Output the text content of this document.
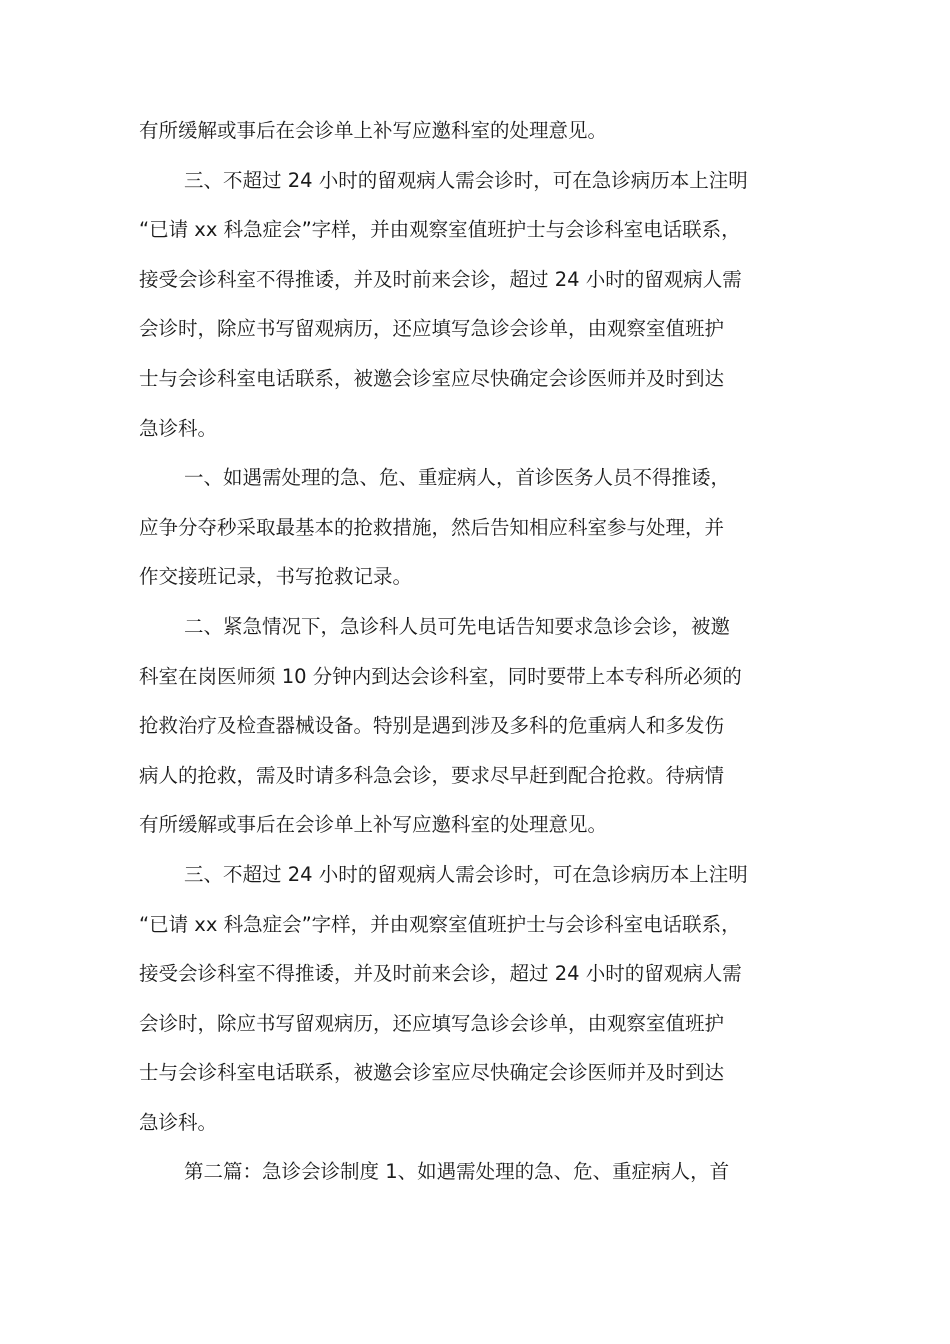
有所缓解或事后在会诊单上补写应邀科室的处理意见。
三、不超过 24 小时的留观病人需会诊时，可在急诊病历本上注明
“已请 xx 科急症会”字样，并由观察室值班护士与会诊科室电话联系，
接受会诊科室不得推诿，并及时前来会诊，超过 24 小时的留观病人需
会诊时，除应书写留观病历，还应填写急诊会诊单，由观察室值班护
士与会诊科室电话联系，被邀会诊室应尽快确定会诊医师并及时到达
急诊科。
一、如遇需处理的急、危、重症病人，首诊医务人员不得推诿，
应争分夺秒采取最基本的抢救措施，然后告知相应科室参与处理，并
作交接班记录，书写抢救记录。
二、紧急情况下，急诊科人员可先电话告知要求急诊会诊，被邀
科室在岗医师须 10 分钟内到达会诊科室，同时要带上本专科所必须的
抢救治疗及检查器械设备。特别是遇到涉及多科的危重病人和多发伤
病人的抢救，需及时请多科急会诊，要求尽早赶到配合抢救。待病情
有所缓解或事后在会诊单上补写应邀科室的处理意见。
三、不超过 24 小时的留观病人需会诊时，可在急诊病历本上注明
“已请 xx 科急症会”字样，并由观察室值班护士与会诊科室电话联系，
接受会诊科室不得推诿，并及时前来会诊，超过 24 小时的留观病人需
会诊时，除应书写留观病历，还应填写急诊会诊单，由观察室值班护
士与会诊科室电话联系，被邀会诊室应尽快确定会诊医师并及时到达
急诊科。
第二篇：急诊会诊制度 1、如遇需处理的急、危、重症病人，首
